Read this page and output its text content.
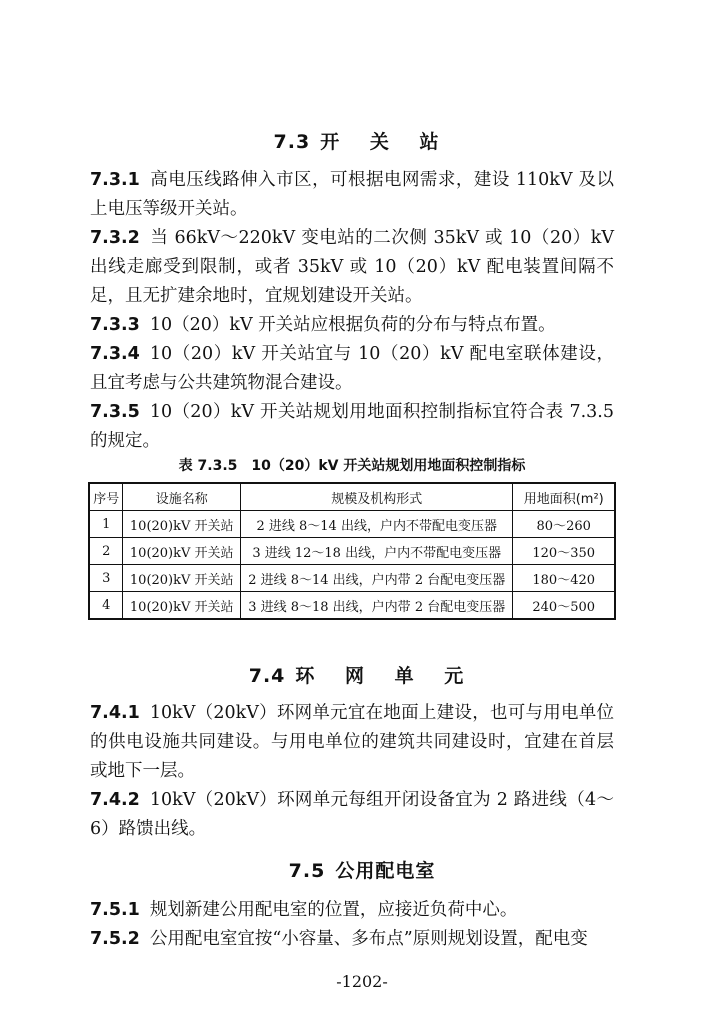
7.3 开 关 站

7.3.1 高电压线路伸入市区，可根据电网需求，建设 110kV 及以上电压等级开关站。

7.3.2 当 66kV～220kV 变电站的二次侧 35kV 或 10（20）kV 出线走廊受到限制，或者 35kV 或 10（20）kV 配电装置间隔不足，且无扩建余地时，宜规划建设开关站。

7.3.3 10（20）kV 开关站应根据负荷的分布与特点布置。

7.3.4 10（20）kV 开关站宜与 10（20）kV 配电室联体建设，且宜考虑与公共建筑物混合建设。

7.3.5 10（20）kV 开关站规划用地面积控制指标宜符合表 7.3.5 的规定。

表 7.3.5　10（20）kV 开关站规划用地面积控制指标
序号	设施名称	规模及机构形式	用地面积(m²)
1	10(20)kV 开关站	2 进线 8～14 出线，户内不带配电变压器	80～260
2	10(20)kV 开关站	3 进线 12～18 出线，户内不带配电变压器	120～350
3	10(20)kV 开关站	2 进线 8～14 出线，户内带 2 台配电变压器	180～420
4	10(20)kV 开关站	3 进线 8～18 出线，户内带 2 台配电变压器	240～500
7.4 环 网 单 元

7.4.1 10kV（20kV）环网单元宜在地面上建设，也可与用电单位的供电设施共同建设。与用电单位的建筑共同建设时，宜建在首层或地下一层。

7.4.2 10kV（20kV）环网单元每组开闭设备宜为 2 路进线（4～6）路馈出线。

7.5 公用配电室

7.5.1 规划新建公用配电室的位置，应接近负荷中心。

7.5.2 公用配电室宜按“小容量、多布点”原则规划设置，配电变

-1202-
